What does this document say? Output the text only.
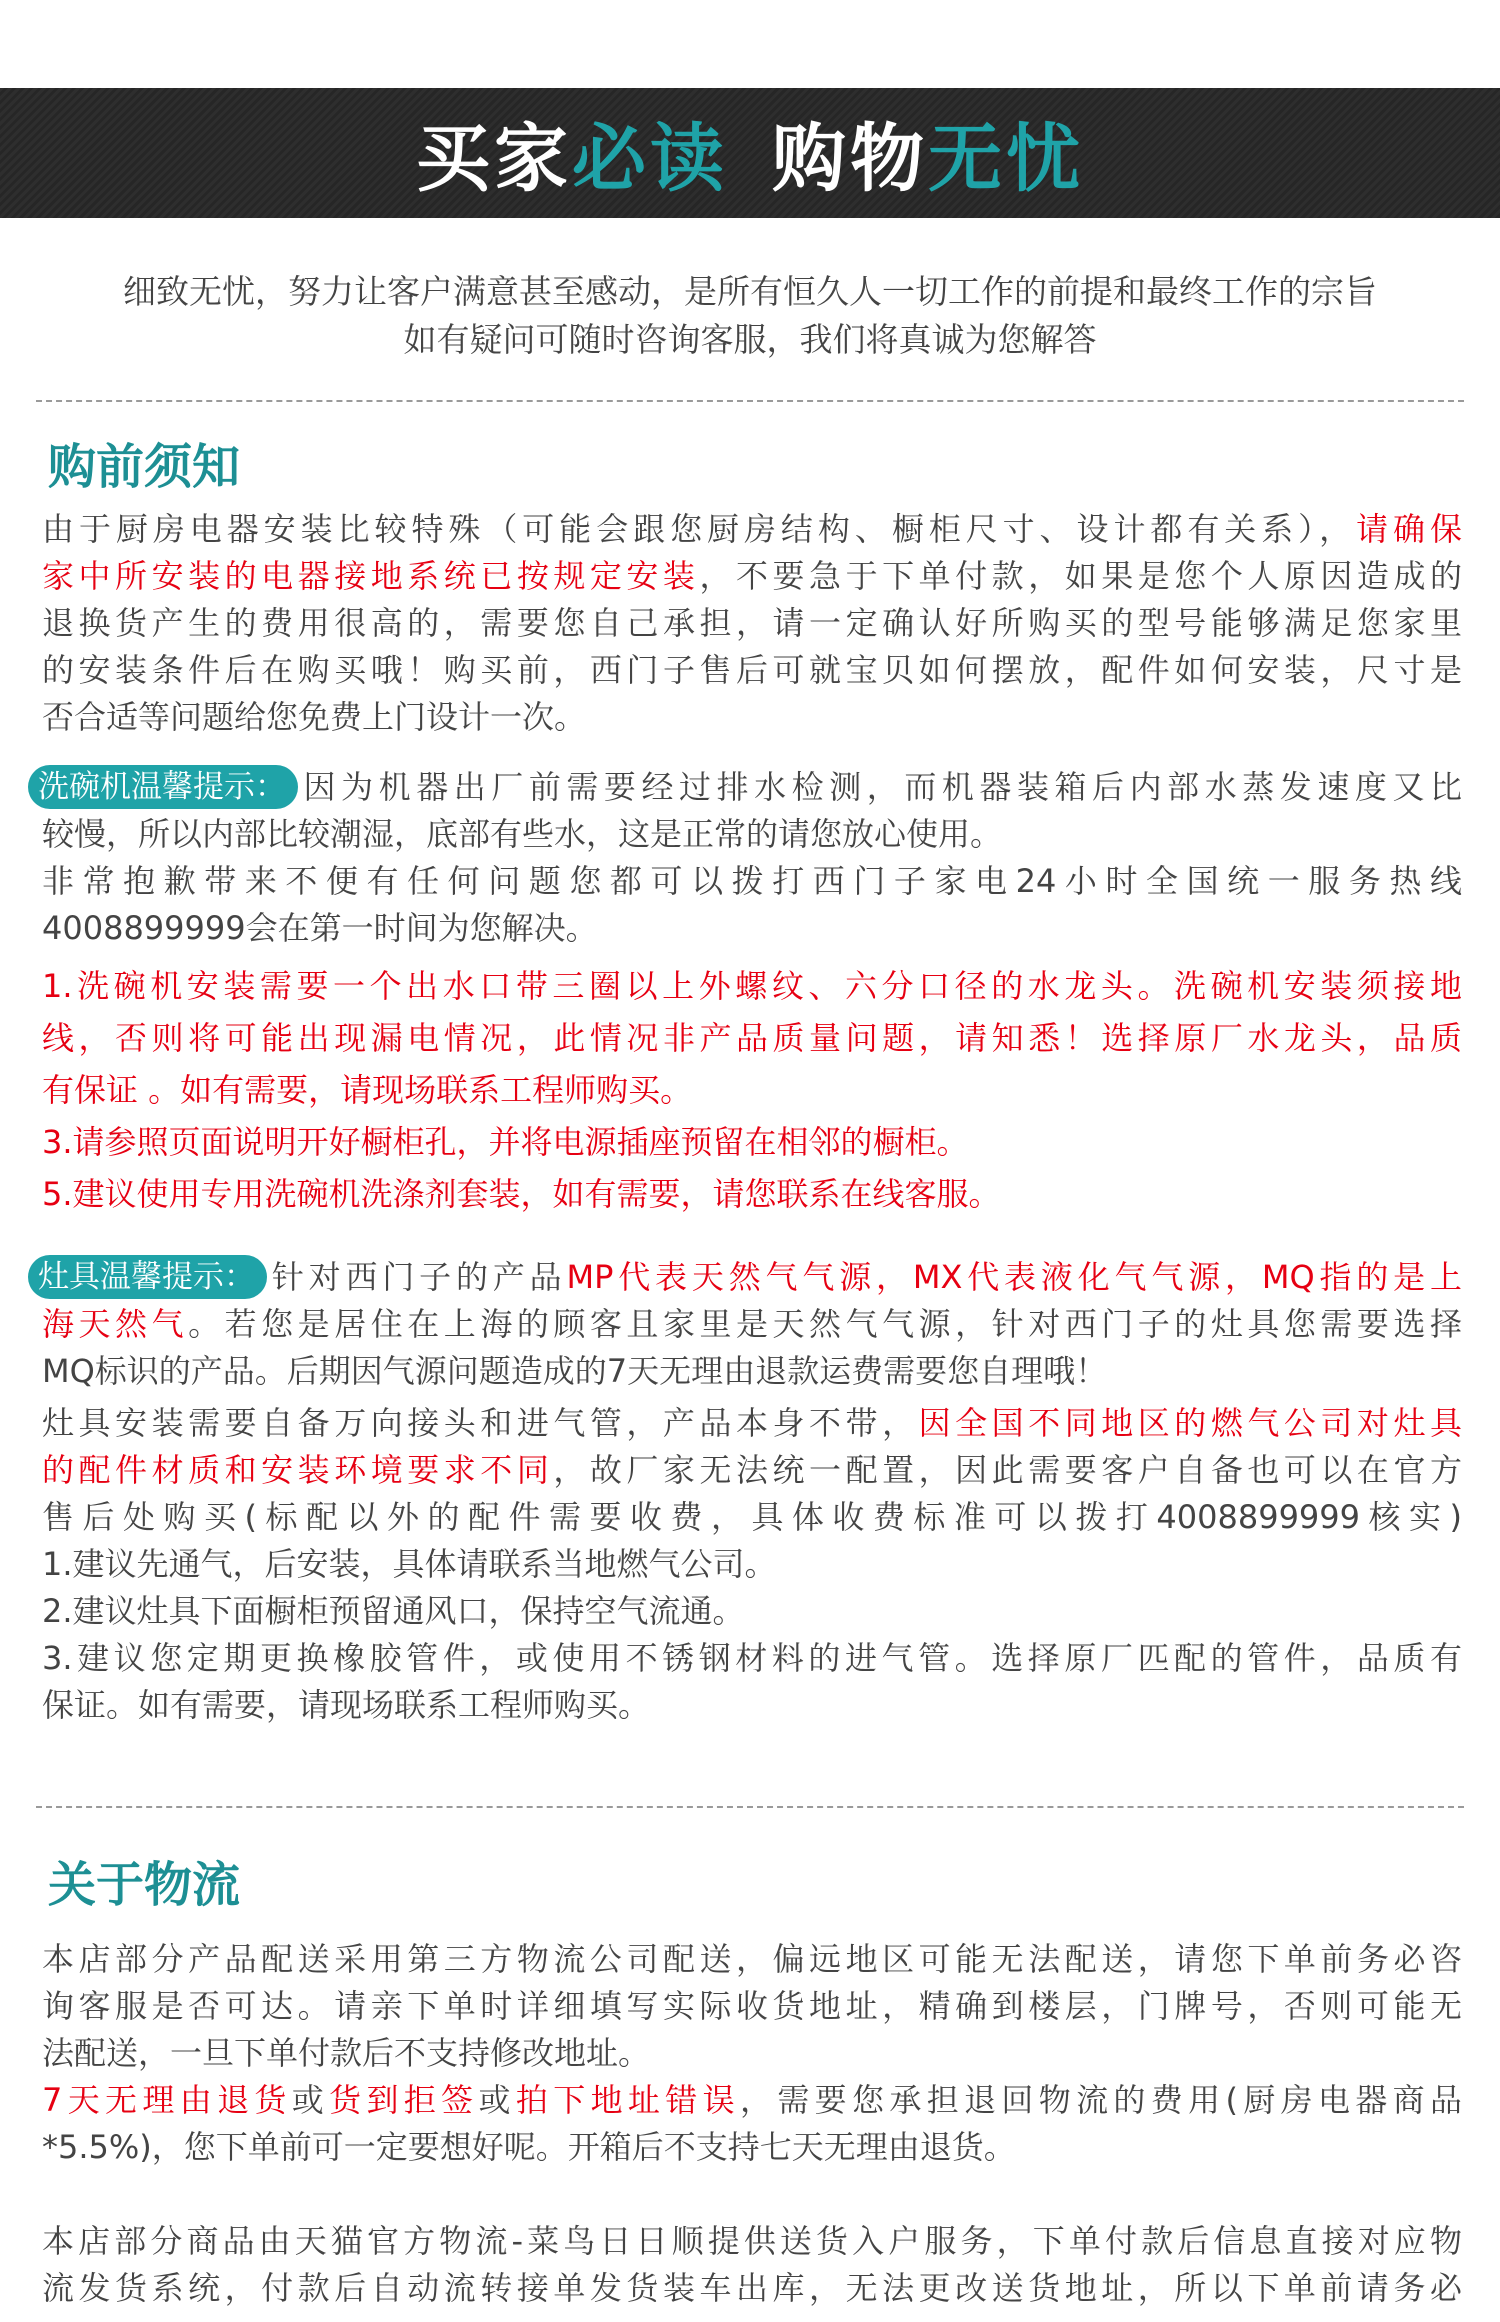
买家必读 购物无忧
细致无忧，努力让客户满意甚至感动，是所有恒久人一切工作的前提和最终工作的宗旨
如有疑问可随时咨询客服，我们将真诚为您解答
购前须知
由于厨房电器安装比较特殊（可能会跟您厨房结构、橱柜尺寸、设计都有关系），请确保
家中所安装的电器接地系统已按规定安装，不要急于下单付款，如果是您个人原因造成的
退换货产生的费用很高的，需要您自己承担，请一定确认好所购买的型号能够满足您家里
的安装条件后在购买哦！购买前，西门子售后可就宝贝如何摆放，配件如何安装，尺寸是
否合适等问题给您免费上门设计一次。
洗碗机温馨提示： 因为机器出厂前需要经过排水检测，而机器装箱后内部水蒸发速度又比
较慢，所以内部比较潮湿，底部有些水，这是正常的请您放心使用。
非常抱歉带来不便有任何问题您都可以拨打西门子家电24小时全国统一服务热线
4008899999会在第一时间为您解决。
1.洗碗机安装需要一个出水口带三圈以上外螺纹、六分口径的水龙头。洗碗机安装须接地
线，否则将可能出现漏电情况，此情况非产品质量问题，请知悉！选择原厂水龙头，品质
有保证 。如有需要，请现场联系工程师购买。
3.请参照页面说明开好橱柜孔，并将电源插座预留在相邻的橱柜。
5.建议使用专用洗碗机洗涤剂套装，如有需要，请您联系在线客服。
灶具温馨提示： 针对西门子的产品MP代表天然气气源，MX代表液化气气源，MQ指的是上
海天然气。若您是居住在上海的顾客且家里是天然气气源，针对西门子的灶具您需要选择
MQ标识的产品。后期因气源问题造成的7天无理由退款运费需要您自理哦！
灶具安装需要自备万向接头和进气管，产品本身不带，因全国不同地区的燃气公司对灶具
的配件材质和安装环境要求不同，故厂家无法统一配置，因此需要客户自备也可以在官方
售后处购买(标配以外的配件需要收费，具体收费标准可以拨打4008899999核实)
1.建议先通气，后安装，具体请联系当地燃气公司。
2.建议灶具下面橱柜预留通风口，保持空气流通。
3.建议您定期更换橡胶管件，或使用不锈钢材料的进气管。选择原厂匹配的管件，品质有
保证。如有需要，请现场联系工程师购买。
关于物流
本店部分产品配送采用第三方物流公司配送，偏远地区可能无法配送，请您下单前务必咨
询客服是否可达。请亲下单时详细填写实际收货地址，精确到楼层，门牌号，否则可能无
法配送，一旦下单付款后不支持修改地址。
7天无理由退货或货到拒签或拍下地址错误，需要您承担退回物流的费用(厨房电器商品
*5.5%)，您下单前可一定要想好呢。开箱后不支持七天无理由退货。
本店部分商品由天猫官方物流-菜鸟日日顺提供送货入户服务，下单付款后信息直接对应物
流发货系统，付款后自动流转接单发货装车出库，无法更改送货地址，所以下单前请务必
